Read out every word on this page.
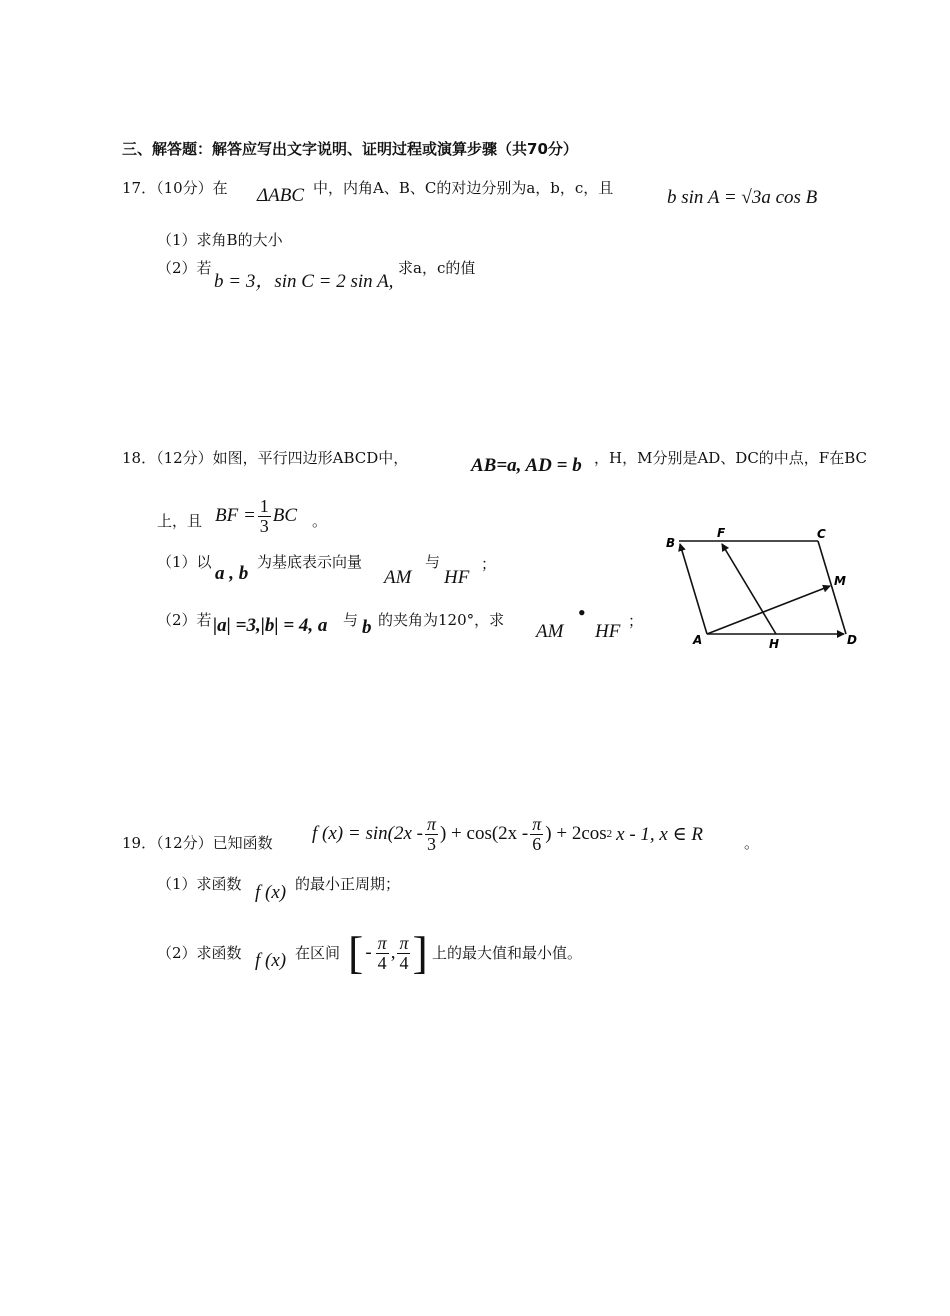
三、解答题：解答应写出文字说明、证明过程或演算步骤（共70分）
17．（10分）在 ΔABC 中，内角A、B、C的对边分别为a，b，c，且	b sin A = √3a cos B
（1）求角B的大小
（2）若
b = 3，sin C = 2 sin A,
求a，c的值
18．（12分）如图，平行四边形ABCD中，	AB=a, AD = b ，H，M分别是AD、DC的中点，F在BC
上，且 BF = $\frac{1}{3}$ BC 。
（1）以
a , b
为基底表示向量
AM
与
HF
；
（2）若 |a| =3,|b| = 4, a 与 b 的夹角为120°，求
AM
•
HF ；
B
F	C
M
A	H	D
19．（12分）已知函数 f $(x) = \sin(2x - \frac{\pi}{3}$ ) + $\cos(2x - \frac{\pi}{6}$ ) + 2cos 2 x - 1, x ∈ R	。
（1）求函数 f (x) 的最小正周期；
（2）求函数 f (x) 在区间 [ - $\frac{\pi}{4}$ , $\frac{\pi}{4}$ ] 上的最大值和最小值。
